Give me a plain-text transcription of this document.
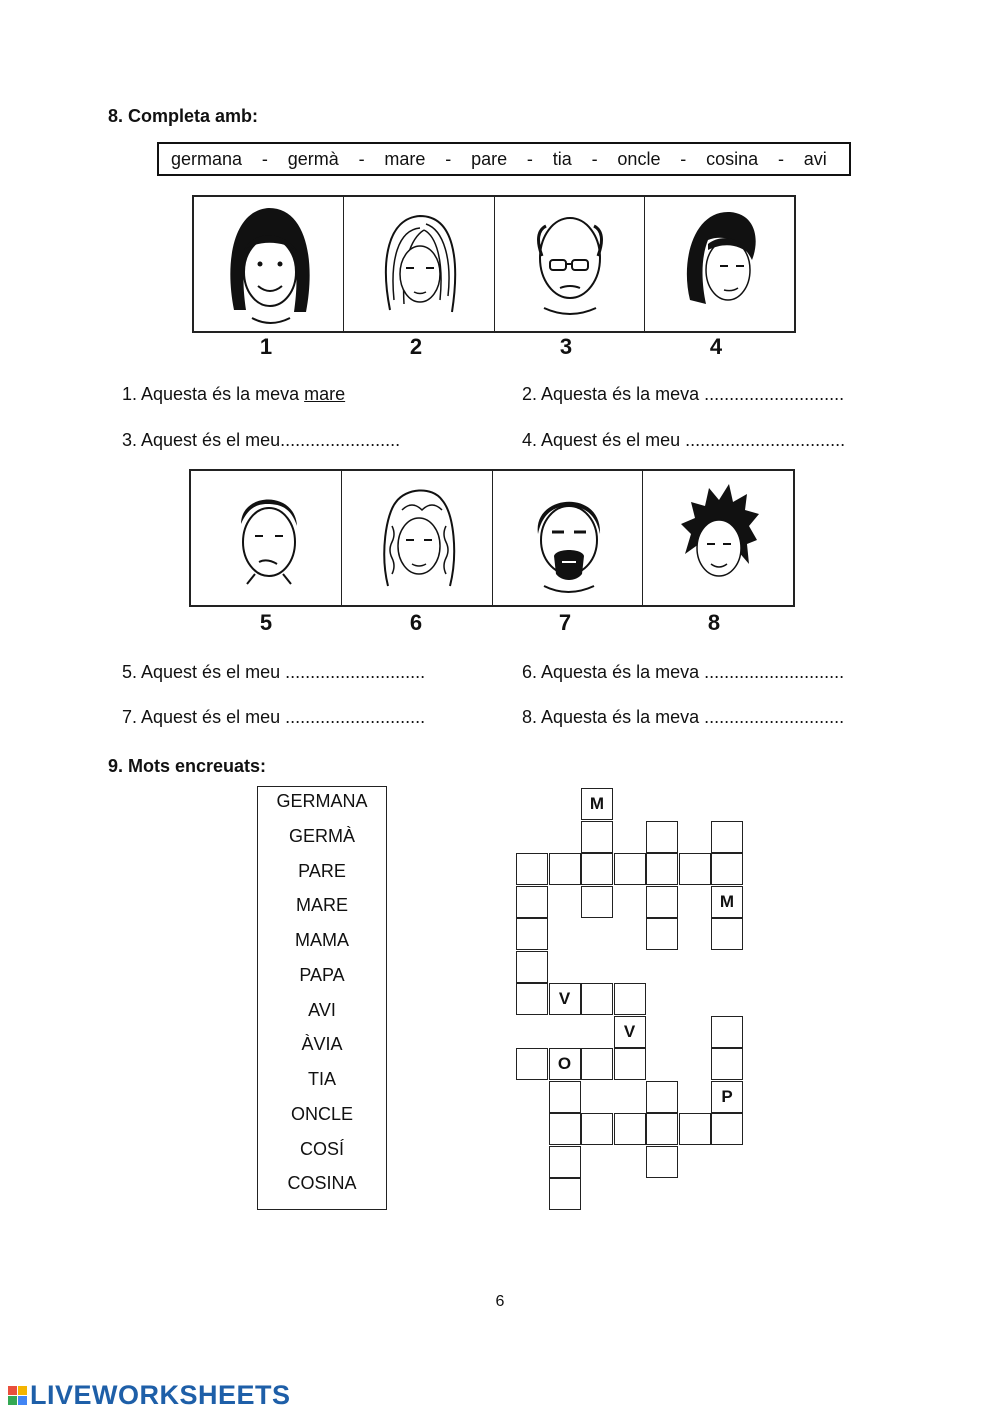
8. Completa amb:
germana - germà - mare - pare - tia - oncle - cosina - avi
1	2	3	4
1. Aquesta és la meva mare	2. Aquesta és la meva ............................
3. Aquest és el meu........................	4. Aquest és el meu ................................
5	6	7	8
5. Aquest és el meu ............................	6. Aquesta és la meva ............................
7. Aquest és el meu ............................	8. Aquesta és la meva ............................
9. Mots encreuats:
GERMANA
GERMÀ
PARE
MARE
MAMA
PAPA
AVI
ÀVIA
TIA
ONCLE
COSÍ
COSINA
M
M
V
V
O
P
6
LIVEWORKSHEETS
